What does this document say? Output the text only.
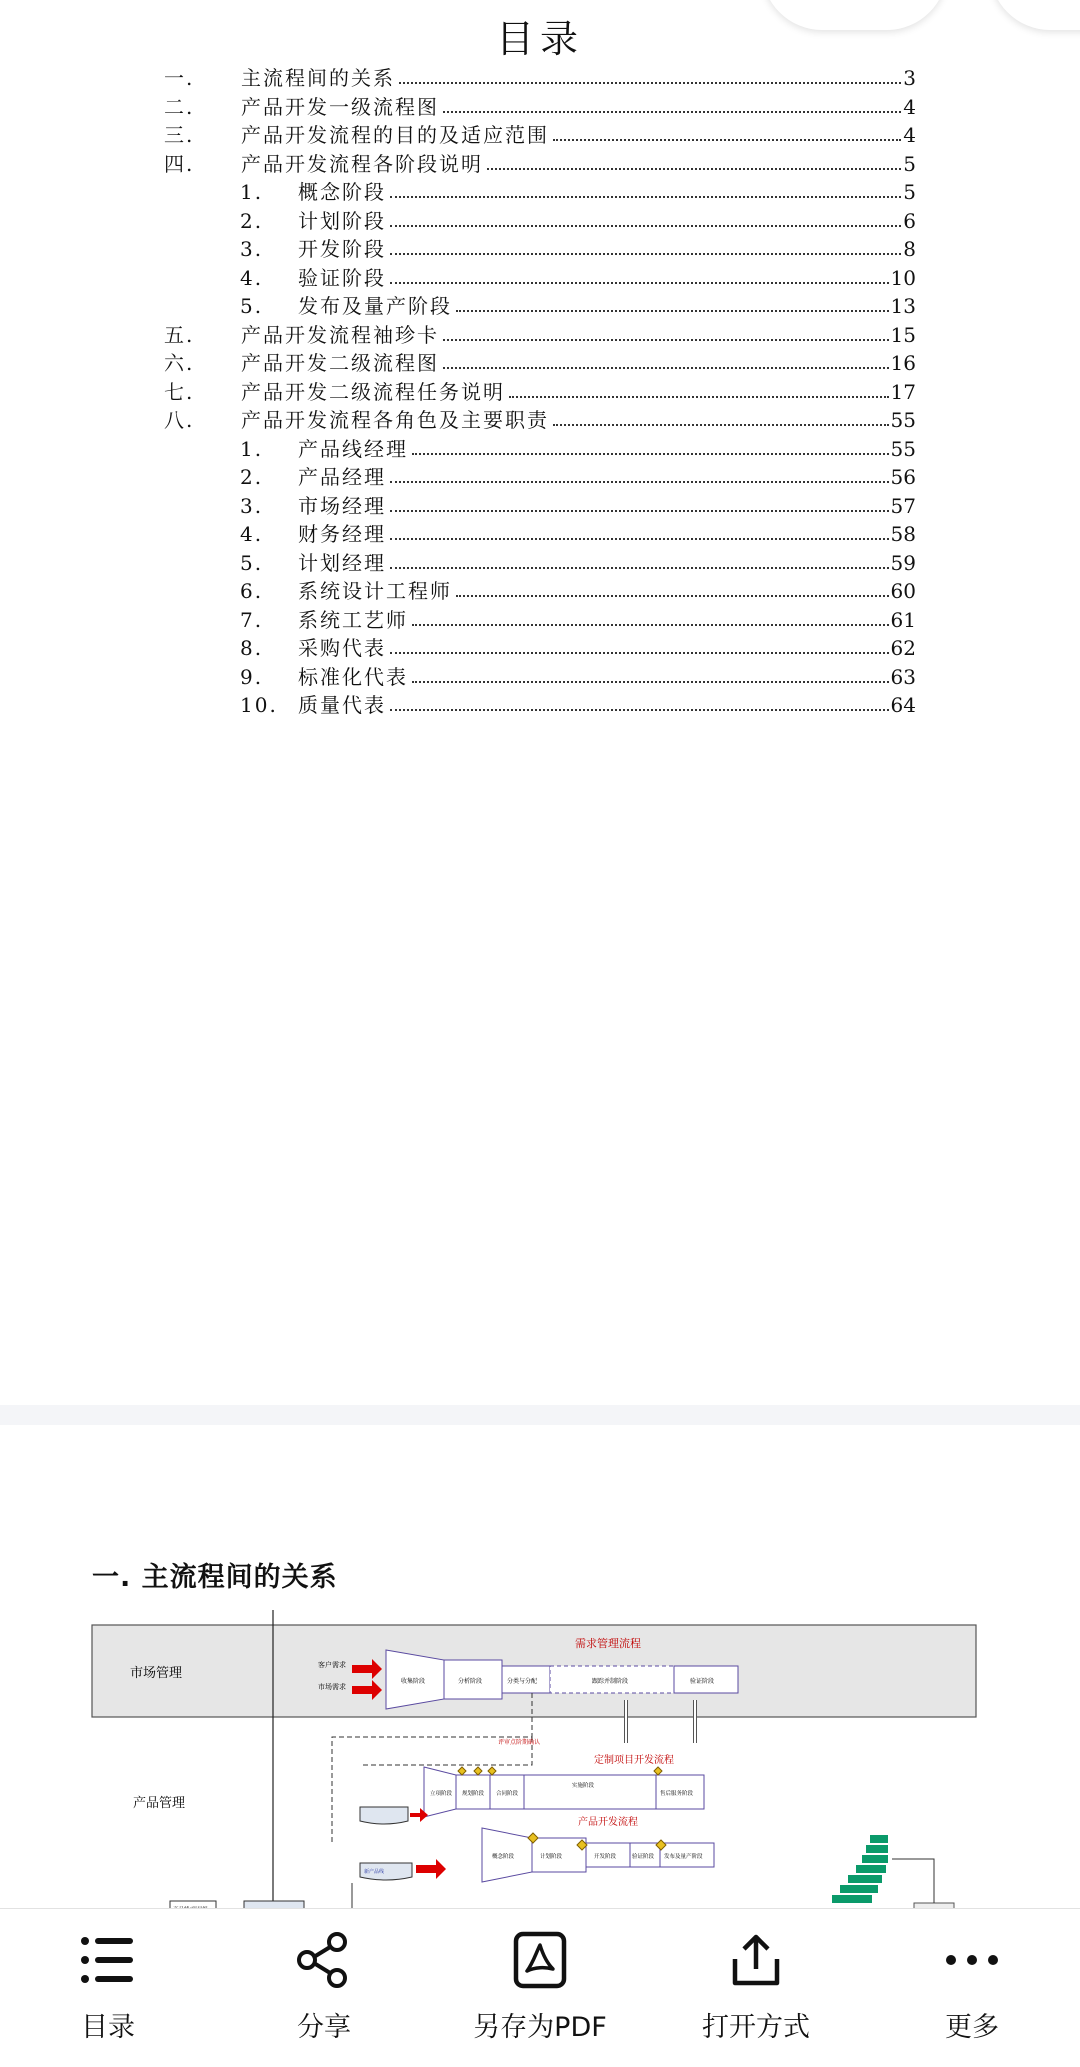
目录
一.	主流程间的关系	3
二.	产品开发一级流程图	4
三.	产品开发流程的目的及适应范围	4
四.	产品开发流程各阶段说明	5
1.	概念阶段	5
2.	计划阶段	6
3.	开发阶段	8
4.	验证阶段	10
5.	发布及量产阶段	13
五.	产品开发流程袖珍卡	15
六.	产品开发二级流程图	16
七.	产品开发二级流程任务说明	17
八.	产品开发流程各角色及主要职责	55
1.	产品线经理	55
2.	产品经理	56
3.	市场经理	57
4.	财务经理	58
5.	计划经理	59
6.	系统设计工程师	60
7.	系统工艺师	61
8.	采购代表	62
9.	标准化代表	63
10.	质量代表	64
一. 主流程间的关系
市场管理
产品管理
需求管理流程
客户需求
市场需求
收集阶段	分析阶段	分类与分配	跟踪并制阶段	验证阶段
评审点阶期确认
定制项目开发流程
立项阶段 规划阶段 合同阶段
实施阶段
售后服务阶段
产品开发流程
概念阶段	计划阶段	开发阶段	验证阶段 发布及量产阶段
新产品线
目录	分享	另存为PDF	打开方式	更多
